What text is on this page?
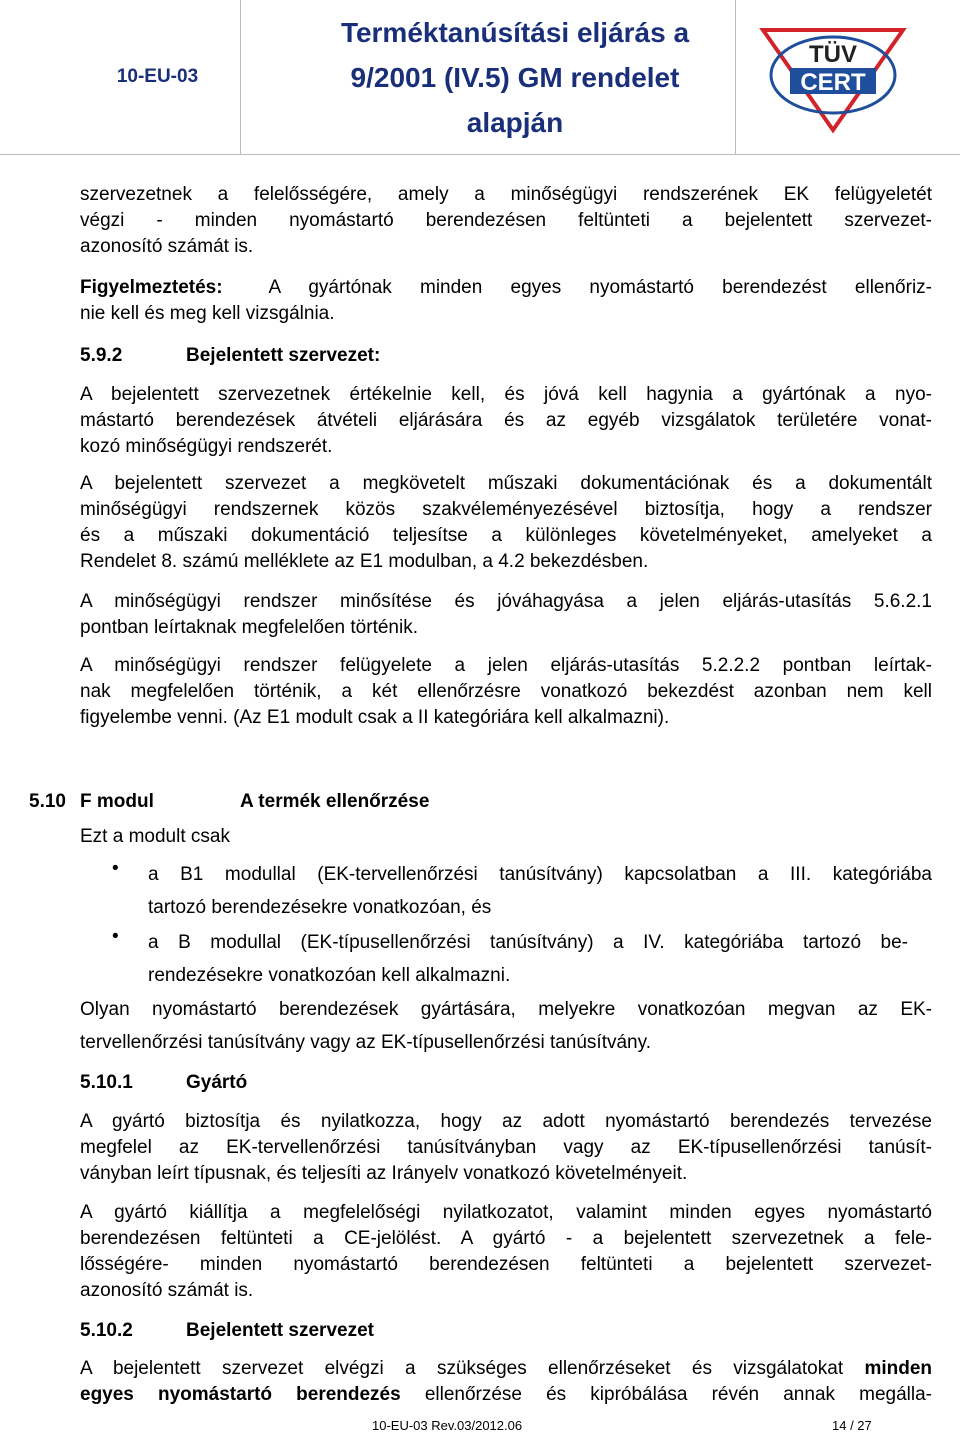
10-EU-03
Terméktanúsítási eljárás a
9/2001 (IV.5) GM rendelet
alapján
TÜV
CERT
szervezetnek a felelősségére, amely a minőségügyi rendszerének EK felügyeletét
végzi - minden nyomástartó berendezésen feltünteti a bejelentett szervezet-
azonosító számát is.
Figyelmeztetés: A gyártónak minden egyes nyomástartó berendezést ellenőriz-
nie kell és meg kell vizsgálnia.
5.9.2	Bejelentett szervezet:
A bejelentett szervezetnek értékelnie kell, és jóvá kell hagynia a gyártónak a nyo-
mástartó berendezések átvételi eljárására és az egyéb vizsgálatok területére vonat-
kozó minőségügyi rendszerét.
A bejelentett szervezet a megkövetelt műszaki dokumentációnak és a dokumentált
minőségügyi rendszernek közös szakvéleményezésével biztosítja, hogy a rendszer
és a műszaki dokumentáció teljesítse a különleges követelményeket, amelyeket a
Rendelet 8. számú melléklete az E1 modulban, a 4.2 bekezdésben.
A minőségügyi rendszer minősítése és jóváhagyása a jelen eljárás-utasítás 5.6.2.1
pontban leírtaknak megfelelően történik.
A minőségügyi rendszer felügyelete a jelen eljárás-utasítás 5.2.2.2 pontban leírtak-
nak megfelelően történik, a két ellenőrzésre vonatkozó bekezdést azonban nem kell
figyelembe venni. (Az E1 modult csak a II kategóriára kell alkalmazni).
5.10 F modul	A termék ellenőrzése
Ezt a modult csak
• a B1 modullal (EK-tervellenőrzési tanúsítvány) kapcsolatban a III. kategóriába
tartozó berendezésekre vonatkozóan, és
• a B modullal (EK-típusellenőrzési tanúsítvány) a IV. kategóriába tartozó be-
rendezésekre vonatkozóan kell alkalmazni.
Olyan nyomástartó berendezések gyártására, melyekre vonatkozóan megvan az EK-
tervellenőrzési tanúsítvány vagy az EK-típusellenőrzési tanúsítvány.
5.10.1	Gyártó
A gyártó biztosítja és nyilatkozza, hogy az adott nyomástartó berendezés tervezése
megfelel az EK-tervellenőrzési tanúsítványban vagy az EK-típusellenőrzési tanúsít-
ványban leírt típusnak, és teljesíti az Irányelv vonatkozó követelményeit.
A gyártó kiállítja a megfelelőségi nyilatkozatot, valamint minden egyes nyomástartó
berendezésen feltünteti a CE-jelölést. A gyártó - a bejelentett szervezetnek a fele-
lősségére- minden nyomástartó berendezésen feltünteti a bejelentett szervezet-
azonosító számát is.
5.10.2	Bejelentett szervezet
A bejelentett szervezet elvégzi a szükséges ellenőrzéseket és vizsgálatokat minden
egyes nyomástartó berendezés ellenőrzése és kipróbálása révén annak megálla-
10-EU-03 Rev.03/2012.06	14 / 27
